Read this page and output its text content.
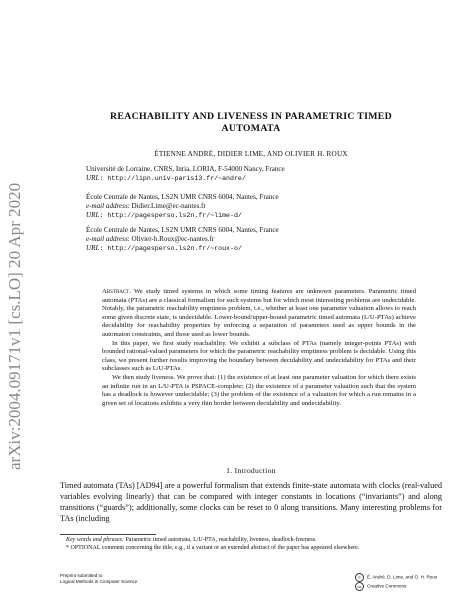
arXiv:2004.09171v1 [cs.LO] 20 Apr 2020
REACHABILITY AND LIVENESS IN PARAMETRIC TIMED
AUTOMATA
ÉTIENNE ANDRÉ, DIDIER LIME, AND OLIVIER H. ROUX
Université de Lorraine, CNRS, Inria, LORIA, F-54000 Nancy, France
URL: http://lipn.univ-paris13.fr/~andre/
École Centrale de Nantes, LS2N UMR CNRS 6004, Nantes, France
e-mail address: Didier.Lime@ec-nantes.fr
URL: http://pagesperso.ls2n.fr/~lime-d/
École Centrale de Nantes, LS2N UMR CNRS 6004, Nantes, France
e-mail address: Olivier-h.Roux@ec-nantes.fr
URL: http://pagesperso.ls2n.fr/~roux-o/

Abstract. We study timed systems in which some timing features are unknown parameters. Parametric timed automata (PTAs) are a classical formalism for such systems but for which most interesting problems are undecidable. Notably, the parametric reachability emptiness problem, i.e., whether at least one parameter valuation allows to reach some given discrete state, is undecidable. Lower-bound/upper-bound parametric timed automata (L/U-PTAs) achieve decidability for reachability properties by enforcing a separation of parameters used as upper bounds in the automaton constraints, and those used as lower bounds.

In this paper, we first study reachability. We exhibit a subclass of PTAs (namely integer-points PTAs) with bounded rational-valued parameters for which the parametric reachability emptiness problem is decidable. Using this class, we present further results improving the boundary between decidability and undecidability for PTAs and their subclasses such as L/U-PTAs.

We then study liveness. We prove that: (1) the existence of at least one parameter valuation for which there exists an infinite run in an L/U-PTA is PSPACE-complete; (2) the existence of a parameter valuation such that the system has a deadlock is however undecidable; (3) the problem of the existence of a valuation for which a run remains in a given set of locations exhibits a very thin border between decidability and undecidability.

1. Introduction

Timed automata (TAs) [AD94] are a powerful formalism that extends finite-state automata with clocks (real-valued variables evolving linearly) that can be compared with integer constants in locations (“invariants”) and along transitions (“guards”); additionally, some clocks can be reset to 0 along transitions. Many interesting problems for TAs (including

Key words and phrases: Parametric timed automata, L/U-PTA, reachability, liveness, deadlock-freeness.

* OPTIONAL comment concerning the title, e.g., if a variant or an extended abstract of the paper has appeared elsewhere.

Preprint submitted to
Logical Methods in Computer Science
© É. André, D. Lime, and O. H. Roux
cc Creative Commons
